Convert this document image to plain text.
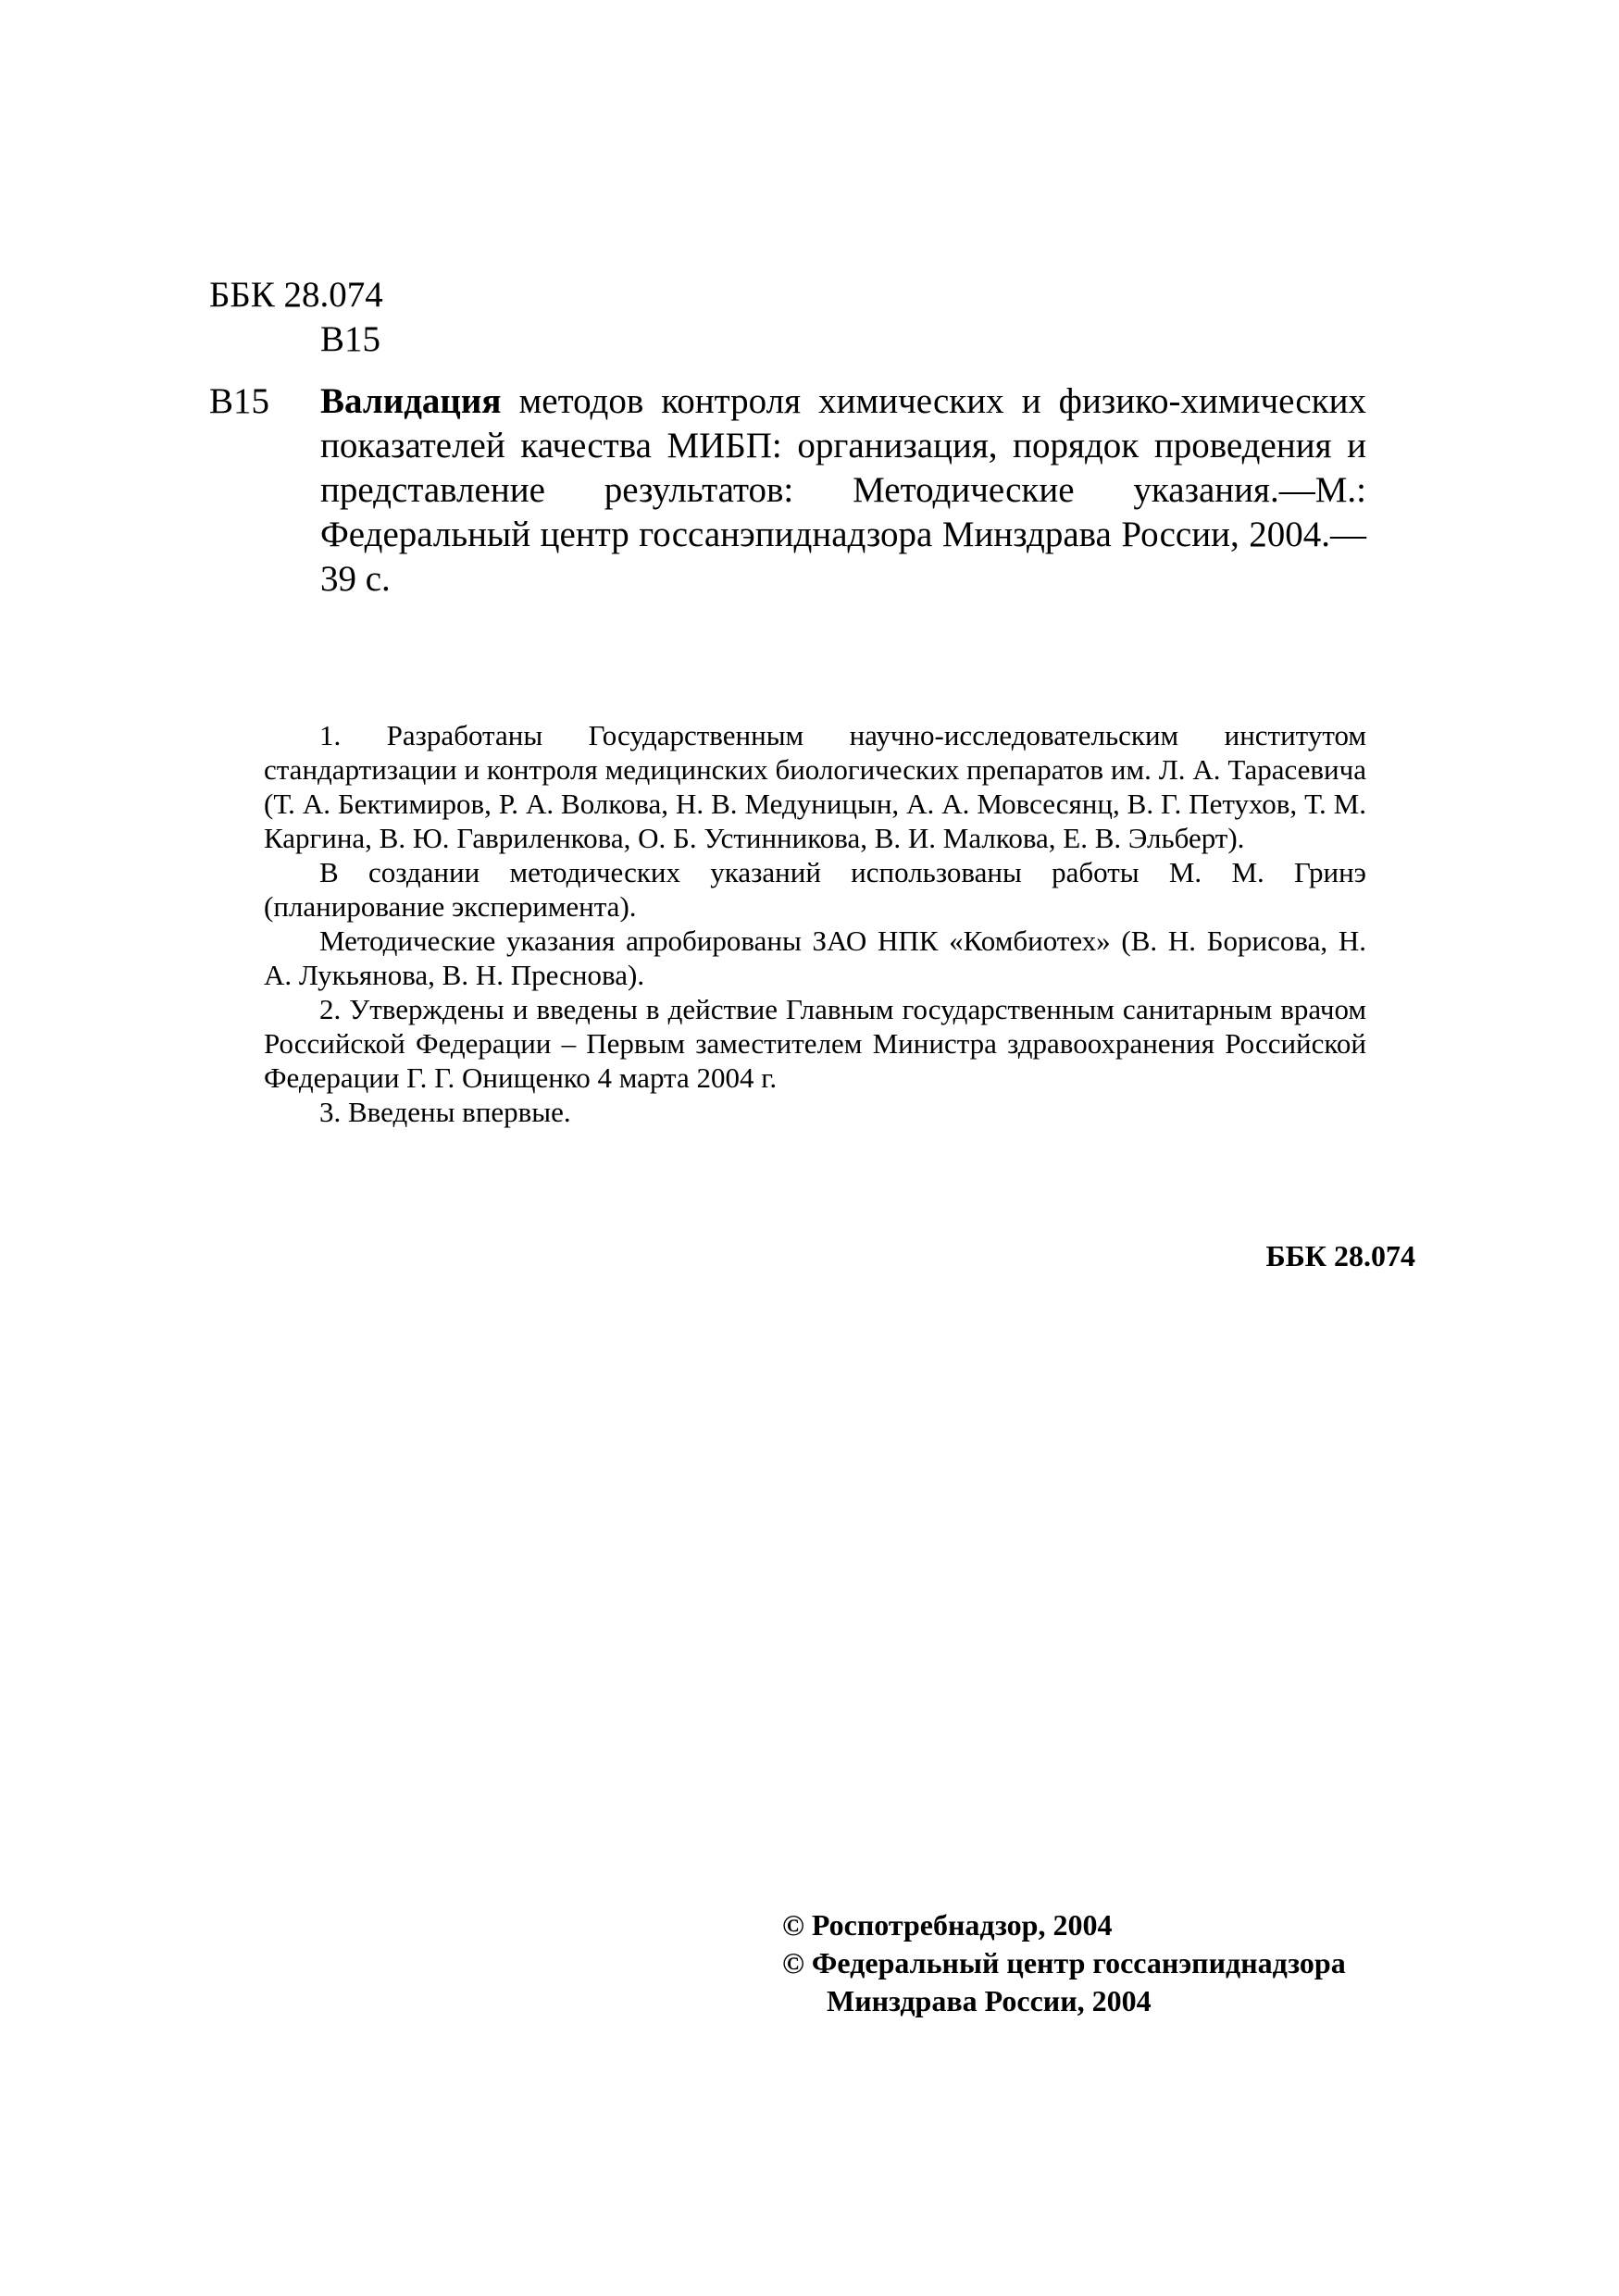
ББК 28.074
В15
В15 Валидация методов контроля химических и физико-химических показателей качества МИБП: организация, порядок проведения и представление результатов: Методические указания.—М.: Федеральный центр госсанэпиднадзора Минздрава России, 2004.—39 с.

1. Разработаны Государственным научно-исследовательским институтом стандартизации и контроля медицинских биологических препаратов им. Л. А. Тарасевича (Т. А. Бектимиров, Р. А. Волкова, Н. В. Медуницын, А. А. Мовсесянц, В. Г. Петухов, Т. М. Каргина, В. Ю. Гавриленкова, О. Б. Устинникова, В. И. Малкова, Е. В. Эльберт).

В создании методических указаний использованы работы М. М. Гринэ (планирование эксперимента).

Методические указания апробированы ЗАО НПК «Комбиотех» (В. Н. Борисова, Н. А. Лукьянова, В. Н. Преснова).

2. Утверждены и введены в действие Главным государственным санитарным врачом Российской Федерации – Первым заместителем Министра здравоохранения Российской Федерации Г. Г. Онищенко 4 марта 2004 г.

3. Введены впервые.

ББК 28.074
© Роспотребнадзор, 2004
© Федеральный центр госсанэпиднадзора
Минздрава России, 2004
